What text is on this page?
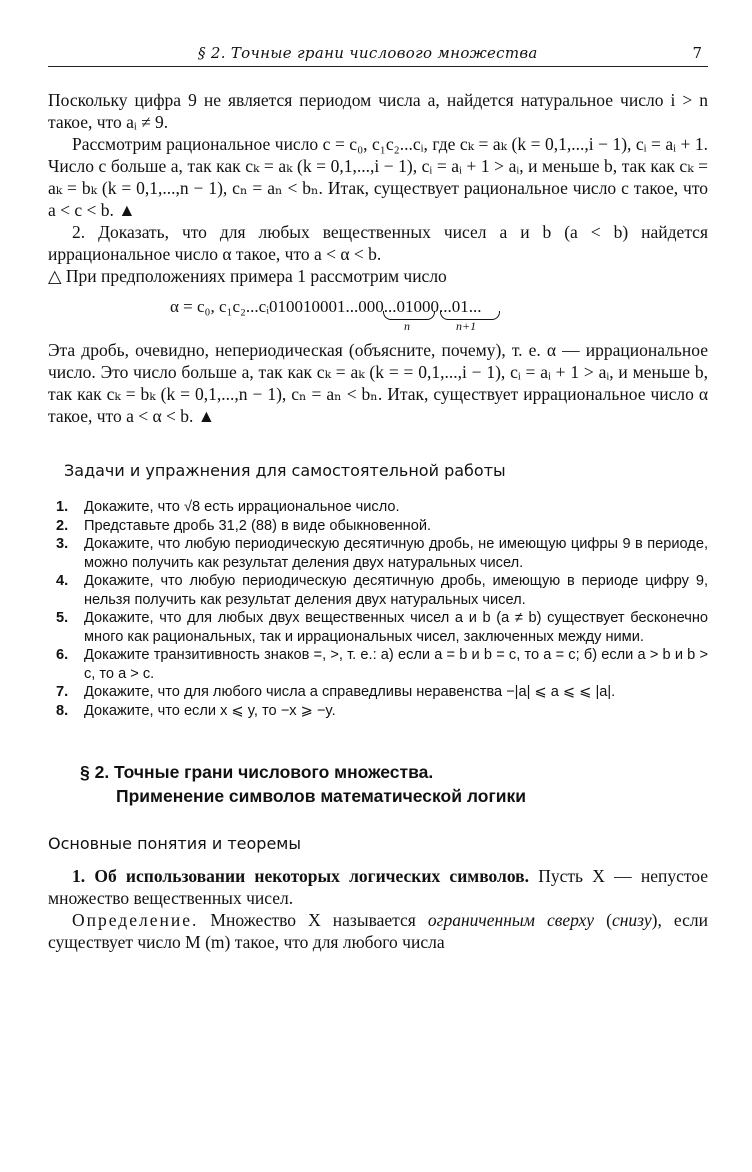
§ 2. Точные грани числового множества	7

Поскольку цифра 9 не является периодом числа a, найдется натуральное число i > n такое, что aᵢ ≠ 9.

Рассмотрим рациональное число c = c₀, c₁c₂...cᵢ, где cₖ = aₖ (k = 0,1,...,i − 1), cᵢ = aᵢ + 1. Число c больше a, так как cₖ = aₖ (k = 0,1,...,i − 1), cᵢ = aᵢ + 1 > aᵢ, и меньше b, так как cₖ = aₖ = bₖ (k = 0,1,...,n − 1), cₙ = aₙ < bₙ. Итак, существует рациональное число c такое, что a < c < b. ▲

2. Доказать, что для любых вещественных чисел a и b (a < b) найдется иррациональное число α такое, что a < α < b.

△ При предположениях примера 1 рассмотрим число

α = c₀, c₁c₂...cᵢ010010001...000...01000...01...
n	n+1

Эта дробь, очевидно, непериодическая (объясните, почему), т. е. α — иррациональное число. Это число больше a, так как cₖ = aₖ (k = = 0,1,...,i − 1), cᵢ = aᵢ + 1 > aᵢ, и меньше b, так как cₖ = bₖ (k = 0,1,...,n − 1), cₙ = aₙ < bₙ. Итак, существует иррациональное число α такое, что a < α < b. ▲

Задачи и упражнения для самостоятельной работы
1. Докажите, что √8 есть иррациональное число.
2. Представьте дробь 31,2 (88) в виде обыкновенной.
3. Докажите, что любую периодическую десятичную дробь, не имеющую цифры 9 в периоде, можно получить как результат деления двух натуральных чисел.
4. Докажите, что любую периодическую десятичную дробь, имеющую в периоде цифру 9, нельзя получить как результат деления двух натуральных чисел.
5. Докажите, что для любых двух вещественных чисел a и b (a ≠ b) существует бесконечно много как рациональных, так и иррациональных чисел, заключенных между ними.
6. Докажите транзитивность знаков =, >, т. е.: а) если a = b и b = c, то a = c; б) если a > b и b > c, то a > c.
7. Докажите, что для любого числа a справедливы неравенства −|a| ⩽ a ⩽ ⩽ |a|.
8. Докажите, что если x ⩽ y, то −x ⩾ −y.
§ 2. Точные грани числового множества.
Применение символов математической логики
Основные понятия и теоремы

1. Об использовании некоторых логических символов. Пусть X — непустое множество вещественных чисел.

Определение. Множество X называется ограниченным сверху (снизу), если существует число M (m) такое, что для любого числа
